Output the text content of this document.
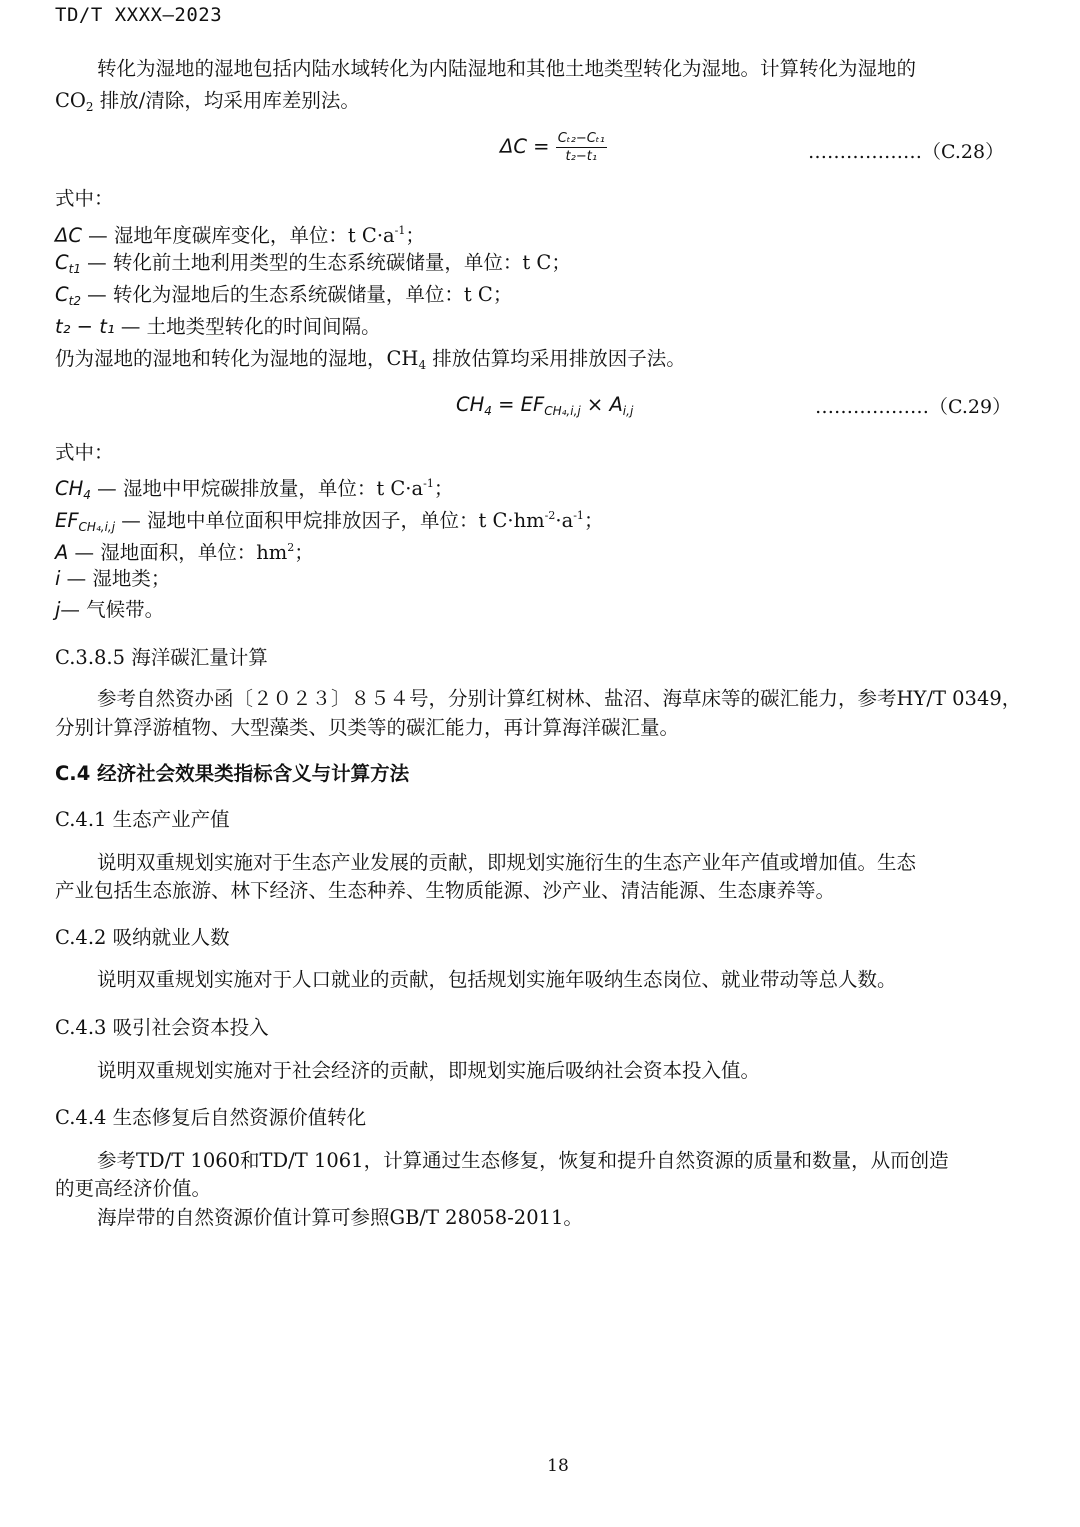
TD/T XXXX—2023
转化为湿地的湿地包括内陆水域转化为内陆湿地和其他土地类型转化为湿地。计算转化为湿地的
$CO_2$ 排放/清除，均采用库差别法。
$\Delta C = \frac{\text{Cₜ₂−Cₜ₁}}{\text{t₂−t₁}}$	………………（C.28）
式中：
ΔC — 湿地年度碳库变化，单位：t $C\cdot a^{-1}$；
$C_{t1}$ — 转化前土地利用类型的生态系统碳储量，单位：t C；
$C_{t2}$ — 转化为湿地后的生态系统碳储量，单位：t C；
t₂ − t₁ — 土地类型转化的时间间隔。
仍为湿地的湿地和转化为湿地的湿地，$CH_4$ 排放估算均采用排放因子法。
$CH_4 = EF_{CH_4,i,j} \times A_{i,j}$	………………（C.29）
式中：
$CH_4$ — 湿地中甲烷碳排放量，单位：t $C\cdot a^{-1}$；
$EF_{CH_4,i,j}$ — 湿地中单位面积甲烷排放因子，单位：t $C\cdot hm^{-2}\cdot a^{-1}$；
A — 湿地面积，单位：$hm^2$；
i — 湿地类；
j— 气候带。
C.3.8.5 海洋碳汇量计算
参考自然资办函〔２０２３〕８５４号，分别计算红树林、盐沼、海草床等的碳汇能力，参考HY/T 0349，
分别计算浮游植物、大型藻类、贝类等的碳汇能力，再计算海洋碳汇量。
C.4 经济社会效果类指标含义与计算方法
C.4.1 生态产业产值
说明双重规划实施对于生态产业发展的贡献，即规划实施衍生的生态产业年产值或增加值。生态
产业包括生态旅游、林下经济、生态种养、生物质能源、沙产业、清洁能源、生态康养等。
C.4.2 吸纳就业人数
说明双重规划实施对于人口就业的贡献，包括规划实施年吸纳生态岗位、就业带动等总人数。
C.4.3 吸引社会资本投入
说明双重规划实施对于社会经济的贡献，即规划实施后吸纳社会资本投入值。
C.4.4 生态修复后自然资源价值转化
参考TD/T 1060和TD/T 1061，计算通过生态修复，恢复和提升自然资源的质量和数量，从而创造
的更高经济价值。
海岸带的自然资源价值计算可参照GB/T 28058-2011。
18
